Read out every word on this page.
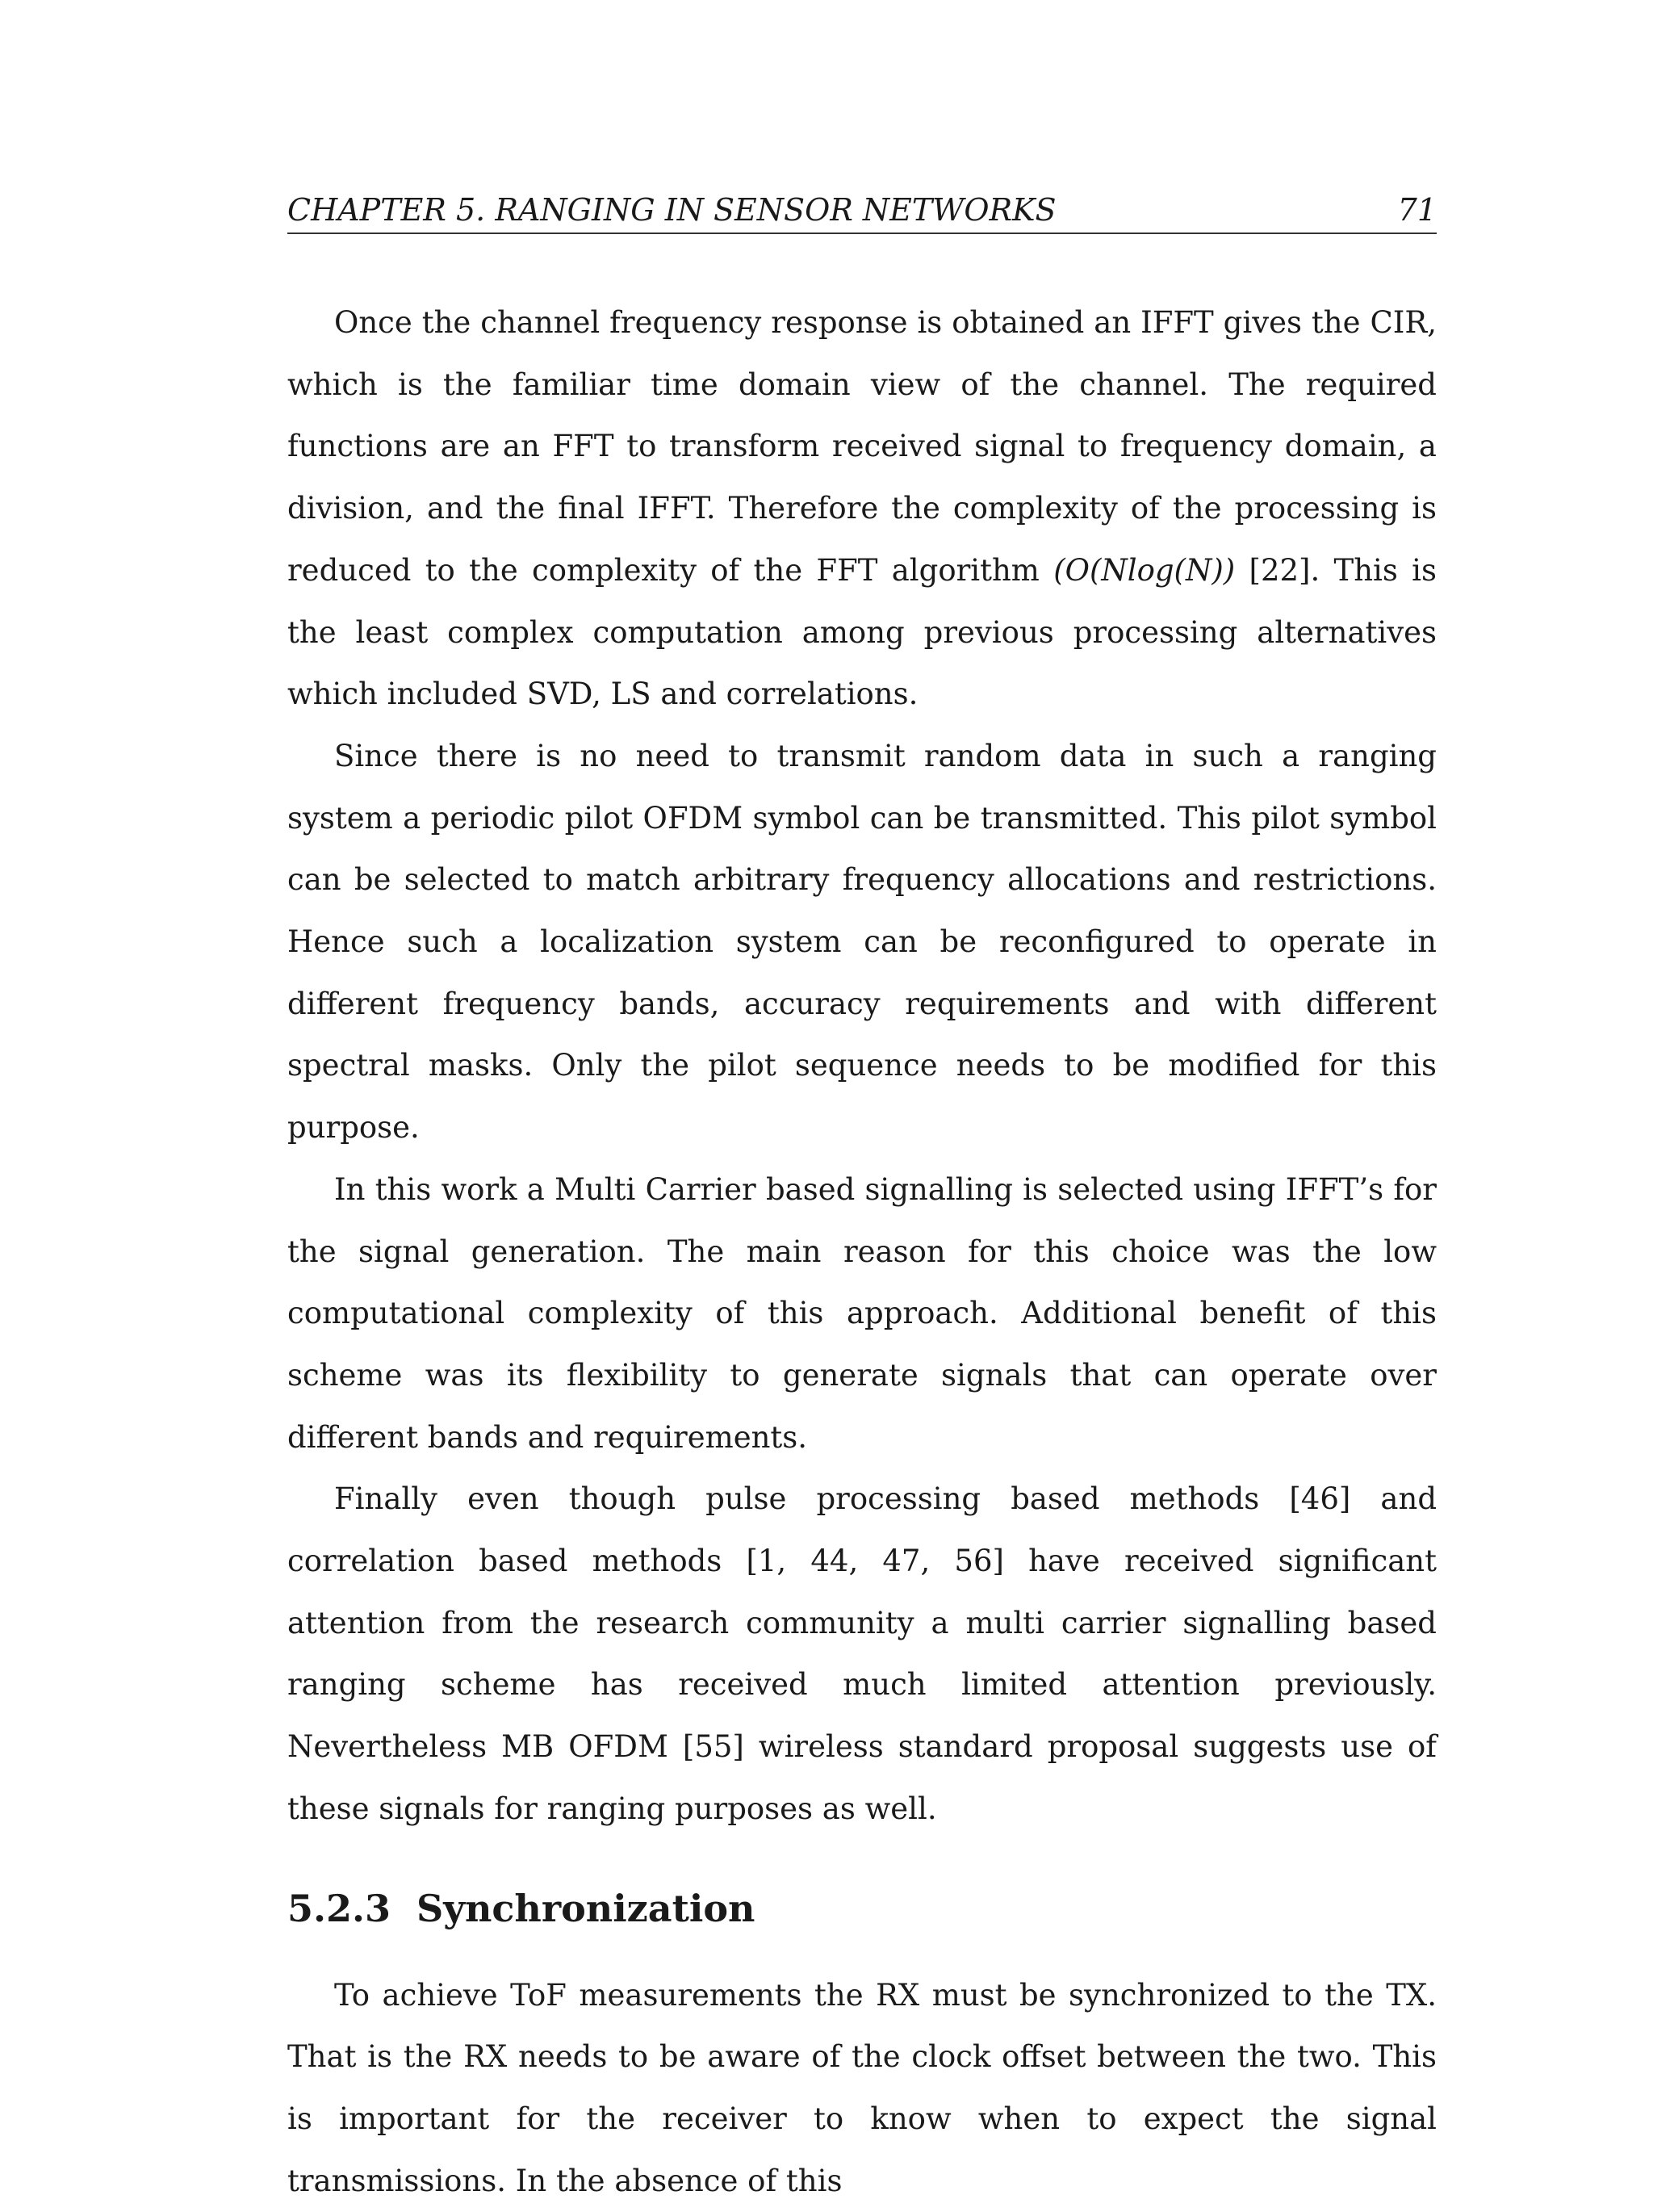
CHAPTER 5. RANGING IN SENSOR NETWORKS	71

Once the channel frequency response is obtained an IFFT gives the CIR, which is the familiar time domain view of the channel. The required functions are an FFT to transform received signal to frequency domain, a division, and the final IFFT. Therefore the complexity of the processing is reduced to the complexity of the FFT algorithm (O(Nlog(N)) [22]. This is the least complex computation among previous processing alternatives which included SVD, LS and correlations.

Since there is no need to transmit random data in such a ranging system a periodic pilot OFDM symbol can be transmitted. This pilot symbol can be selected to match arbitrary frequency allocations and restrictions. Hence such a localization system can be reconfigured to operate in different frequency bands, accuracy requirements and with different spectral masks. Only the pilot sequence needs to be modified for this purpose.

In this work a Multi Carrier based signalling is selected using IFFT’s for the signal generation. The main reason for this choice was the low computational complexity of this approach. Additional benefit of this scheme was its flexibility to generate signals that can operate over different bands and requirements.

Finally even though pulse processing based methods [46] and correlation based methods [1, 44, 47, 56] have received significant attention from the research community a multi carrier signalling based ranging scheme has received much limited attention previously. Nevertheless MB OFDM [55] wireless standard proposal suggests use of these signals for ranging purposes as well.

5.2.3 Synchronization

To achieve ToF measurements the RX must be synchronized to the TX. That is the RX needs to be aware of the clock offset between the two. This is important for the receiver to know when to expect the signal transmissions. In the absence of this
